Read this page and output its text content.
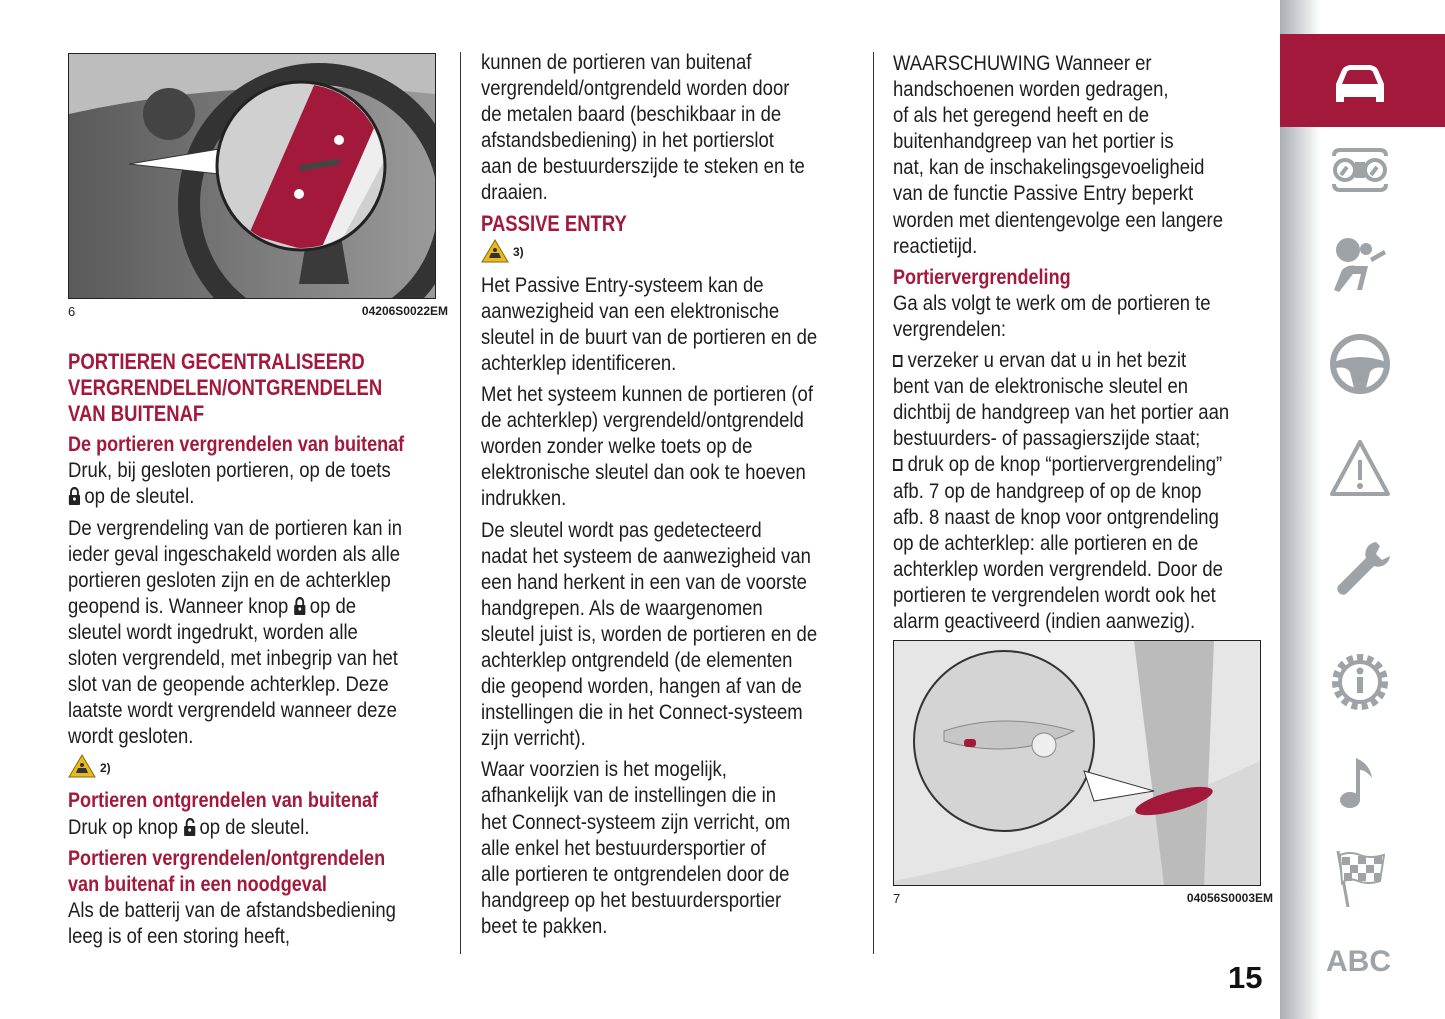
6	04206S0022EM
PORTIEREN GECENTRALISEERD
VERGRENDELEN/ONTGRENDELEN
VAN BUITENAF
De portieren vergrendelen van buitenaf
Druk, bij gesloten portieren, op de toets
op de sleutel.
De vergrendeling van de portieren kan in
ieder geval ingeschakeld worden als alle
portieren gesloten zijn en de achterklep
geopend is. Wanneer knop op de
sleutel wordt ingedrukt, worden alle
sloten vergrendeld, met inbegrip van het
slot van de geopende achterklep. Deze
laatste wordt vergrendeld wanneer deze
wordt gesloten.
2)
Portieren ontgrendelen van buitenaf
Druk op knop op de sleutel.
Portieren vergrendelen/ontgrendelen
van buitenaf in een noodgeval
Als de batterij van de afstandsbediening
leeg is of een storing heeft,
kunnen de portieren van buitenaf
vergrendeld/ontgrendeld worden door
de metalen baard (beschikbaar in de
afstandsbediening) in het portierslot
aan de bestuurderszijde te steken en te
draaien.
PASSIVE ENTRY
3)
Het Passive Entry-systeem kan de
aanwezigheid van een elektronische
sleutel in de buurt van de portieren en de
achterklep identificeren.
Met het systeem kunnen de portieren (of
de achterklep) vergrendeld/ontgrendeld
worden zonder welke toets op de
elektronische sleutel dan ook te hoeven
indrukken.
De sleutel wordt pas gedetecteerd
nadat het systeem de aanwezigheid van
een hand herkent in een van de voorste
handgrepen. Als de waargenomen
sleutel juist is, worden de portieren en de
achterklep ontgrendeld (de elementen
die geopend worden, hangen af van de
instellingen die in het Connect-systeem
zijn verricht).
Waar voorzien is het mogelijk,
afhankelijk van de instellingen die in
het Connect-systeem zijn verricht, om
alle enkel het bestuurdersportier of
alle portieren te ontgrendelen door de
handgreep op het bestuurdersportier
beet te pakken.
WAARSCHUWING Wanneer er
handschoenen worden gedragen,
of als het geregend heeft en de
buitenhandgreep van het portier is
nat, kan de inschakelingsgevoeligheid
van de functie Passive Entry beperkt
worden met dientengevolge een langere
reactietijd.
Portiervergrendeling
Ga als volgt te werk om de portieren te
vergrendelen:
verzeker u ervan dat u in het bezit
bent van de elektronische sleutel en
dichtbij de handgreep van het portier aan
bestuurders- of passagierszijde staat;
druk op de knop “portiervergrendeling”
afb. 7 op de handgreep of op de knop
afb. 8 naast de knop voor ontgrendeling
op de achterklep: alle portieren en de
achterklep worden vergrendeld. Door de
portieren te vergrendelen wordt ook het
alarm geactiveerd (indien aanwezig).
7	04056S0003EM
15 ABC
